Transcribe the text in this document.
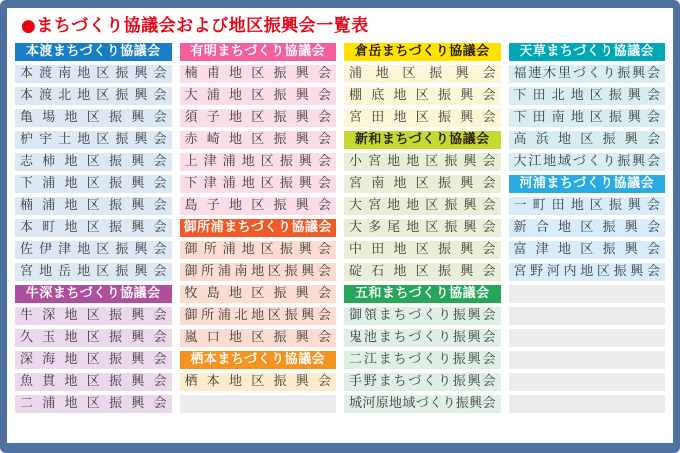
●まちづくり協議会および地区振興会一覧表
本渡まちづくり協議会
本渡南地区振興会
本渡北地区振興会
亀場地区振興会
枦宇土地区振興会
志柿地区振興会
下浦地区振興会
楠浦地区振興会
本町地区振興会
佐伊津地区振興会
宮地岳地区振興会
牛深まちづくり協議会
牛深地区振興会
久玉地区振興会
深海地区振興会
魚貫地区振興会
二浦地区振興会
有明まちづくり協議会
楠甫地区振興会
大浦地区振興会
須子地区振興会
赤崎地区振興会
上津浦地区振興会
下津浦地区振興会
島子地区振興会
御所浦まちづくり協議会
御所浦地区振興会
御所浦南地区振興会
牧島地区振興会
御所浦北地区振興会
嵐口地区振興会
栖本まちづくり協議会
栖本地区振興会
倉岳まちづくり協議会
浦地区振興会
棚底地区振興会
宮田地区振興会
新和まちづくり協議会
小宮地地区振興会
宮南地区振興会
大宮地地区振興会
大多尾地区振興会
中田地区振興会
碇石地区振興会
五和まちづくり協議会
御領まちづくり振興会
鬼池まちづくり振興会
二江まちづくり振興会
手野まちづくり振興会
城河原地域づくり振興会
天草まちづくり協議会
福連木里づくり振興会
下田北地区振興会
下田南地区振興会
高浜地区振興会
大江地域づくり振興会
河浦まちづくり協議会
一町田地区振興会
新合地区振興会
富津地区振興会
宮野河内地区振興会
